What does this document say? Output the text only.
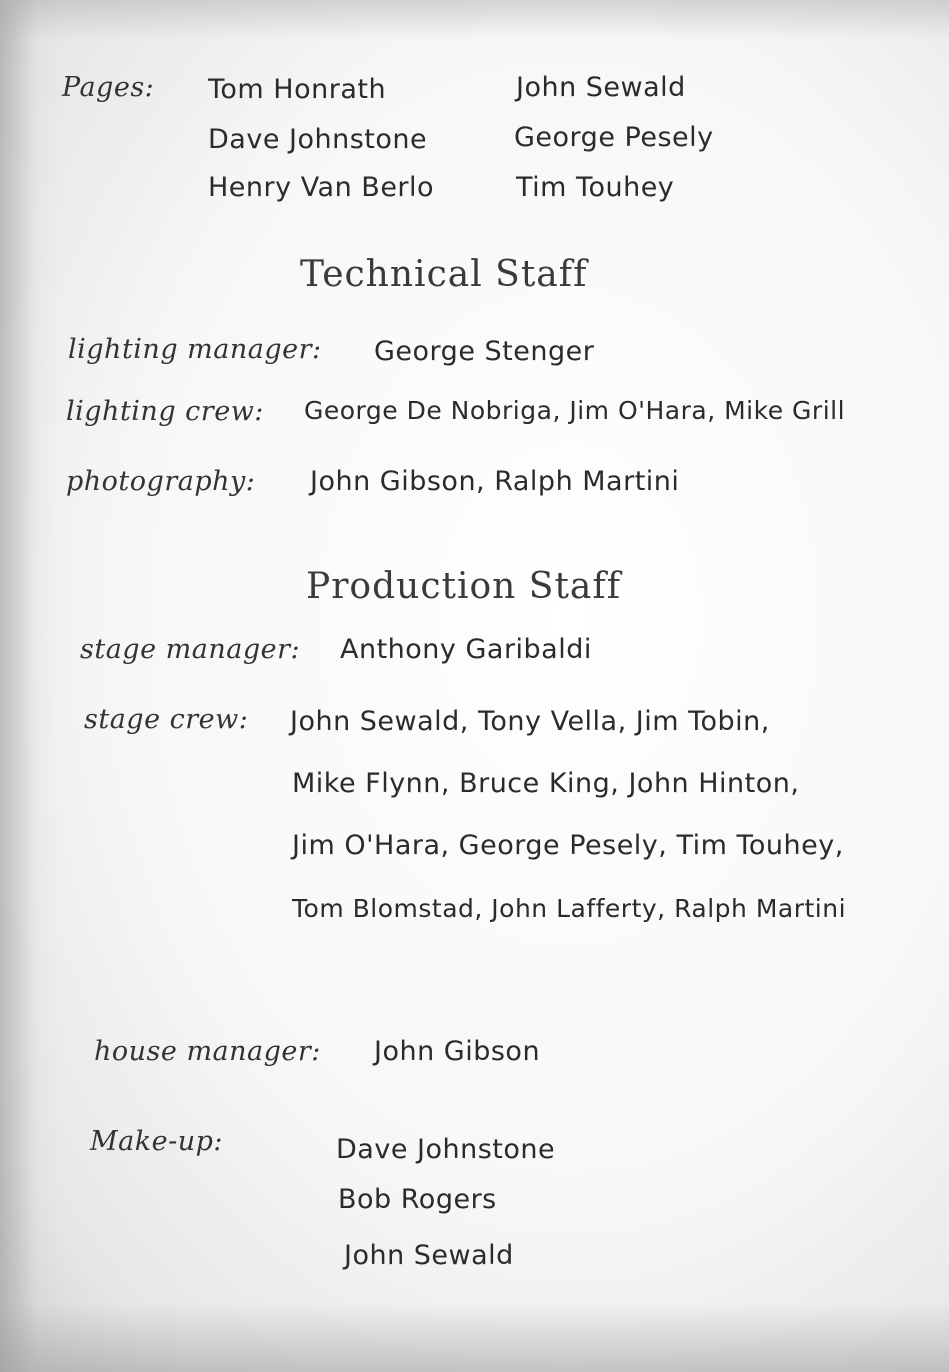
Pages: Tom Honrath
Dave Johnstone
Henry Van Berlo
John Sewald
George Pesely
Tim Touhey
Technical Staff
lighting manager: George Stenger
lighting crew: George De Nobriga, Jim O'Hara, Mike Grill
photography: John Gibson, Ralph Martini
Production Staff
stage manager: Anthony Garibaldi
stage crew: John Sewald, Tony Vella, Jim Tobin,
Mike Flynn, Bruce King, John Hinton,
Jim O'Hara, George Pesely, Tim Touhey,
Tom Blomstad, John Lafferty, Ralph Martini
house manager: John Gibson
Make-up:	Dave Johnstone
Bob Rogers
John Sewald
